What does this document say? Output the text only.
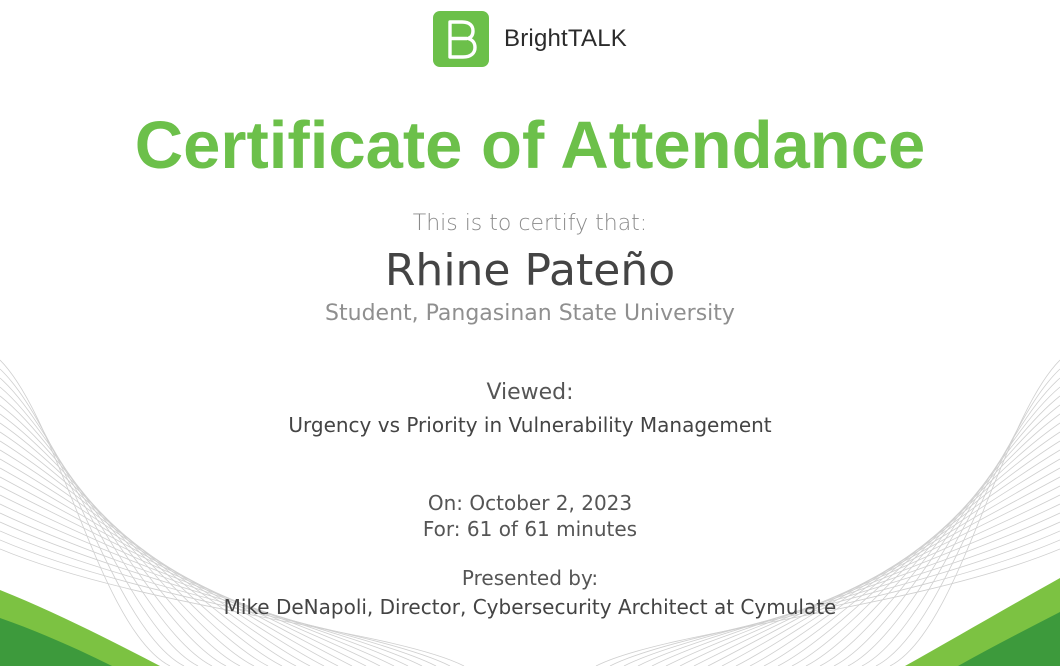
BrightTALK
Certificate of Attendance
This is to certify that:
Rhine Pateño
Student, Pangasinan State University
Viewed:
Urgency vs Priority in Vulnerability Management
On: October 2, 2023
For: 61 of 61 minutes
Presented by:
Mike DeNapoli, Director, Cybersecurity Architect at Cymulate
